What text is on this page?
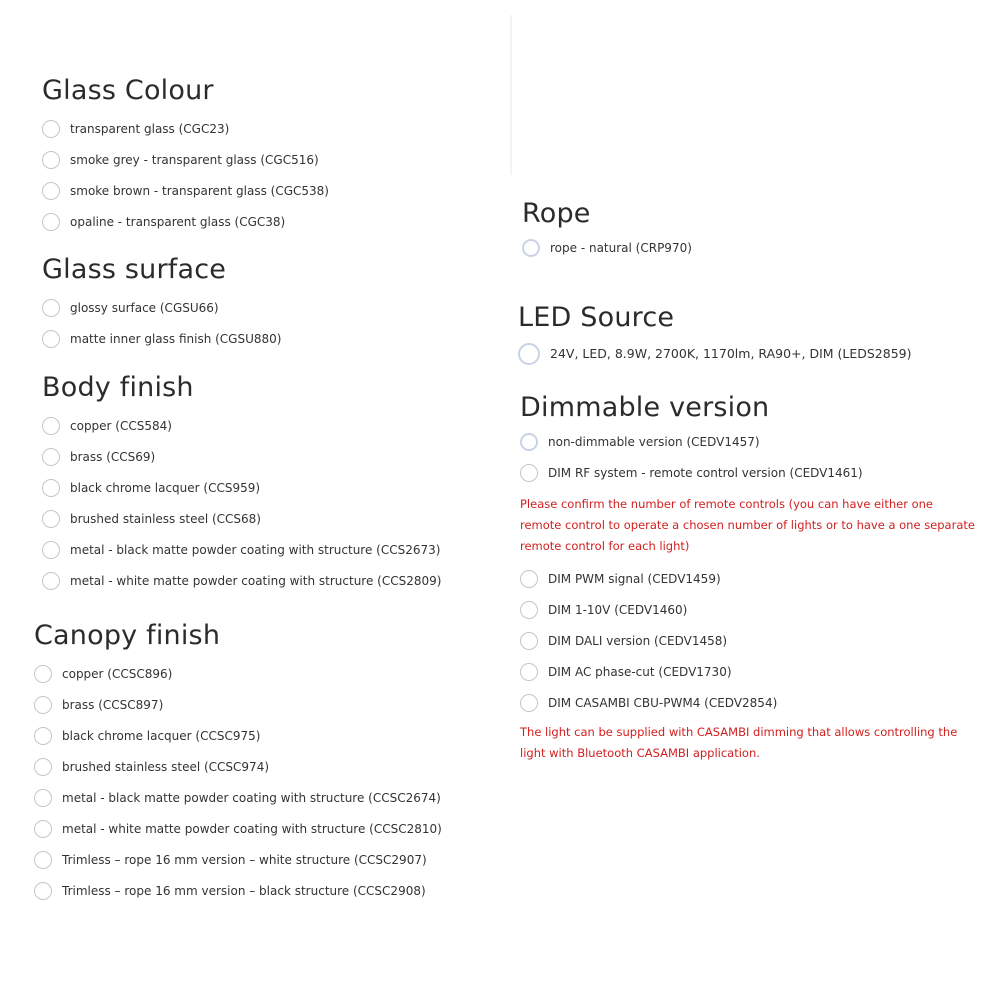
Glass Colour
transparent glass (CGC23)
smoke grey - transparent glass (CGC516)
smoke brown - transparent glass (CGC538)
opaline - transparent glass (CGC38)
Glass surface
glossy surface (CGSU66)
matte inner glass finish (CGSU880)
Body finish
copper (CCS584)
brass (CCS69)
black chrome lacquer (CCS959)
brushed stainless steel (CCS68)
metal - black matte powder coating with structure (CCS2673)
metal - white matte powder coating with structure (CCS2809)
Canopy finish
copper (CCSC896)
brass (CCSC897)
black chrome lacquer (CCSC975)
brushed stainless steel (CCSC974)
metal - black matte powder coating with structure (CCSC2674)
metal - white matte powder coating with structure (CCSC2810)
Trimless – rope 16 mm version – white structure (CCSC2907)
Trimless – rope 16 mm version – black structure (CCSC2908)
Rope
rope - natural (CRP970)
LED Source
24V, LED, 8.9W, 2700K, 1170lm, RA90+, DIM (LEDS2859)
Dimmable version
non-dimmable version (CEDV1457)
DIM RF system - remote control version (CEDV1461)
Please confirm the number of remote controls (you can have either one remote control to operate a chosen number of lights or to have a one separate remote control for each light)
DIM PWM signal (CEDV1459)
DIM 1-10V (CEDV1460)
DIM DALI version (CEDV1458)
DIM AC phase-cut (CEDV1730)
DIM CASAMBI CBU-PWM4 (CEDV2854)
The light can be supplied with CASAMBI dimming that allows controlling the light with Bluetooth CASAMBI application.
